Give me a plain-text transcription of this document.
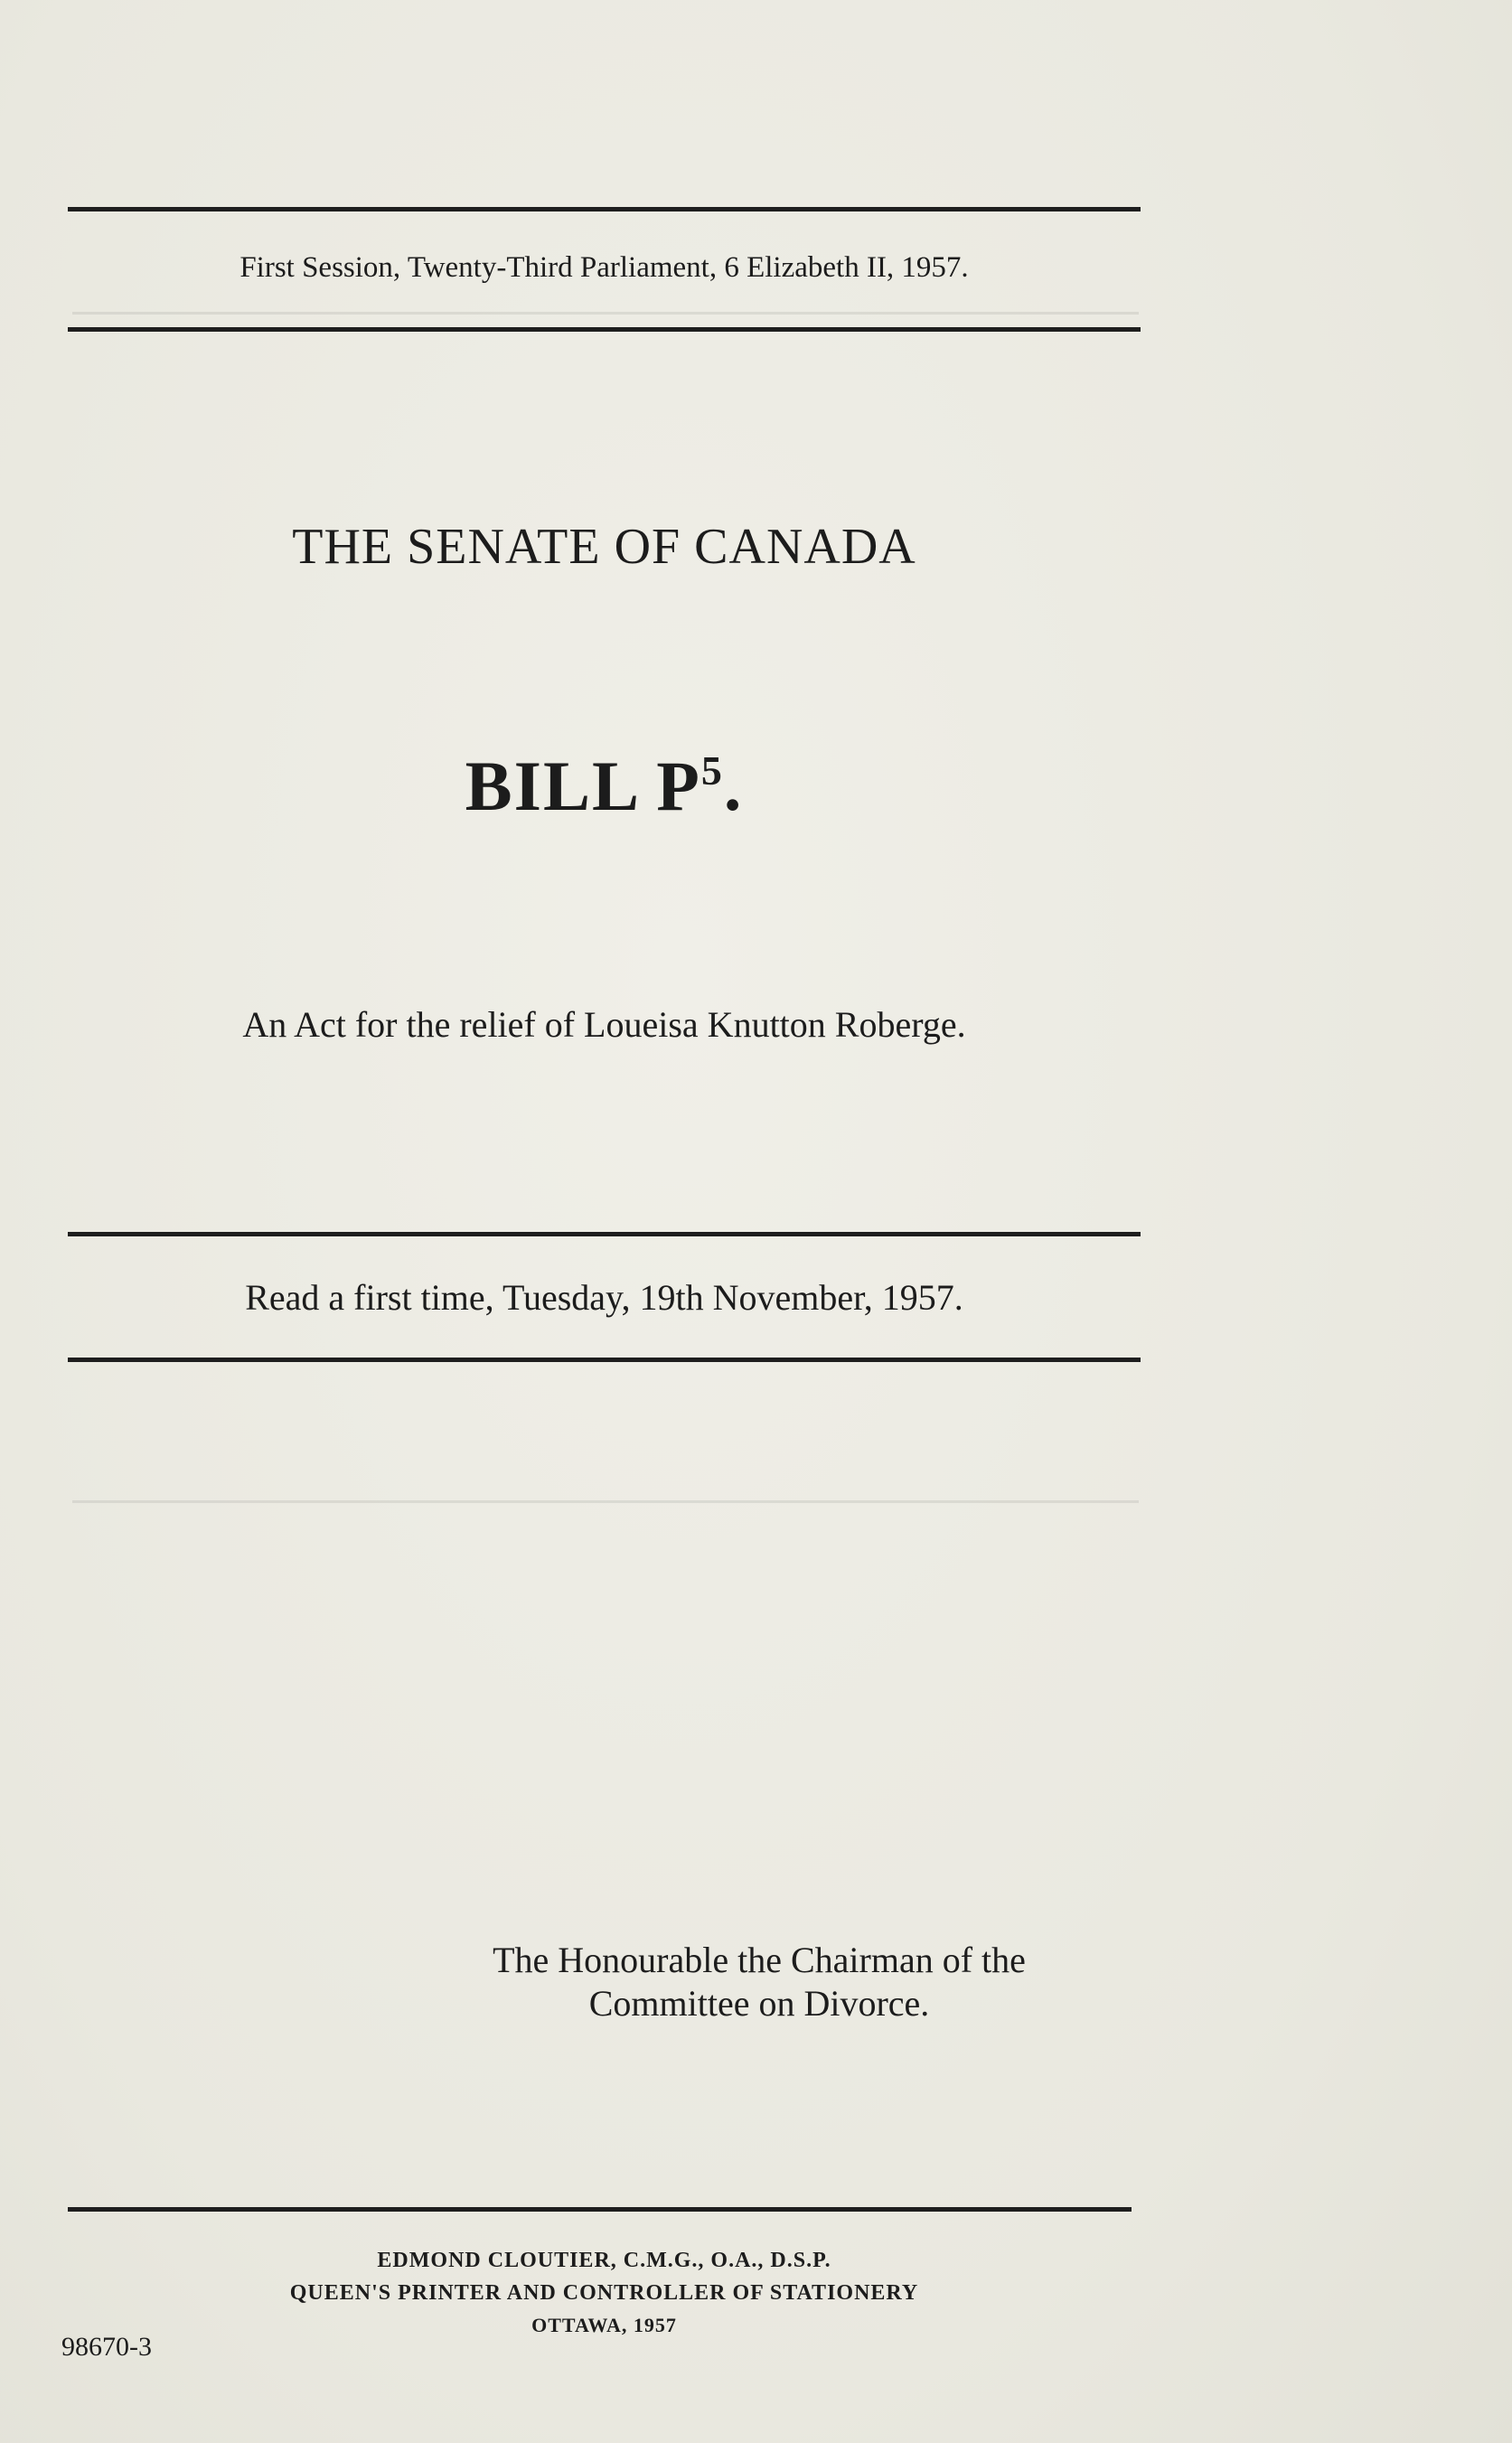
First Session, Twenty-Third Parliament, 6 Elizabeth II, 1957.
THE SENATE OF CANADA
BILL $P^5$.
An Act for the relief of Loueisa Knutton Roberge.
Read a first time, Tuesday, 19th November, 1957.
The Honourable the Chairman of the
Committee on Divorce.
EDMOND CLOUTIER, C.M.G., O.A., D.S.P.
QUEEN'S PRINTER AND CONTROLLER OF STATIONERY
OTTAWA, 1957
98670-3
